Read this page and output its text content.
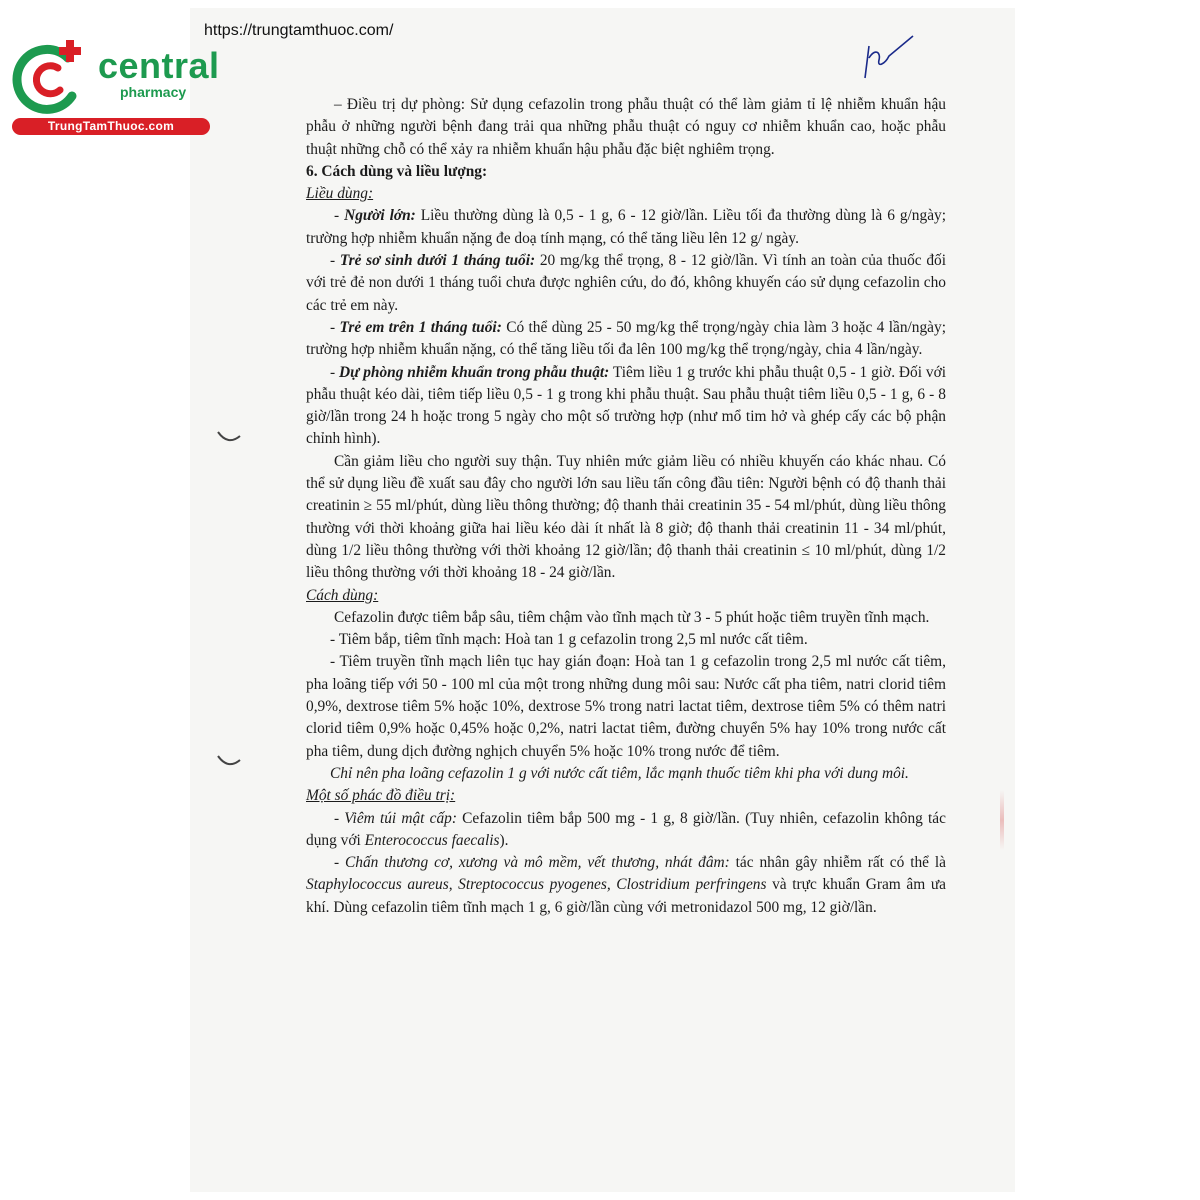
https://trungtamthuoc.com/
central
pharmacy
TrungTamThuoc.com

– Điều trị dự phòng: Sử dụng cefazolin trong phẫu thuật có thể làm giảm tỉ lệ nhiễm khuẩn hậu phẫu ở những người bệnh đang trải qua những phẫu thuật có nguy cơ nhiễm khuẩn cao, hoặc phẫu thuật những chỗ có thể xảy ra nhiễm khuẩn hậu phẫu đặc biệt nghiêm trọng.

6. Cách dùng và liều lượng:

Liều dùng:

- Người lớn: Liều thường dùng là 0,5 - 1 g, 6 - 12 giờ/lần. Liều tối đa thường dùng là 6 g/ngày; trường hợp nhiễm khuẩn nặng đe doạ tính mạng, có thể tăng liều lên 12 g/ ngày.

- Trẻ sơ sinh dưới 1 tháng tuổi: 20 mg/kg thể trọng, 8 - 12 giờ/lần. Vì tính an toàn của thuốc đối với trẻ đẻ non dưới 1 tháng tuổi chưa được nghiên cứu, do đó, không khuyến cáo sử dụng cefazolin cho các trẻ em này.

- Trẻ em trên 1 tháng tuổi: Có thể dùng 25 - 50 mg/kg thể trọng/ngày chia làm 3 hoặc 4 lần/ngày; trường hợp nhiễm khuẩn nặng, có thể tăng liều tối đa lên 100 mg/kg thể trọng/ngày, chia 4 lần/ngày.

- Dự phòng nhiễm khuẩn trong phẫu thuật: Tiêm liều 1 g trước khi phẫu thuật 0,5 - 1 giờ. Đối với phẫu thuật kéo dài, tiêm tiếp liều 0,5 - 1 g trong khi phẫu thuật. Sau phẫu thuật tiêm liều 0,5 - 1 g, 6 - 8 giờ/lần trong 24 h hoặc trong 5 ngày cho một số trường hợp (như mổ tim hở và ghép cấy các bộ phận chỉnh hình).

Cần giảm liều cho người suy thận. Tuy nhiên mức giảm liều có nhiều khuyến cáo khác nhau. Có thể sử dụng liều đề xuất sau đây cho người lớn sau liều tấn công đầu tiên: Người bệnh có độ thanh thải creatinin ≥ 55 ml/phút, dùng liều thông thường; độ thanh thải creatinin 35 - 54 ml/phút, dùng liều thông thường với thời khoảng giữa hai liều kéo dài ít nhất là 8 giờ; độ thanh thải creatinin 11 - 34 ml/phút, dùng 1/2 liều thông thường với thời khoảng 12 giờ/lần; độ thanh thải creatinin ≤ 10 ml/phút, dùng 1/2 liều thông thường với thời khoảng 18 - 24 giờ/lần.

Cách dùng:

Cefazolin được tiêm bắp sâu, tiêm chậm vào tĩnh mạch từ 3 - 5 phút hoặc tiêm truyền tĩnh mạch.

- Tiêm bắp, tiêm tĩnh mạch: Hoà tan 1 g cefazolin trong 2,5 ml nước cất tiêm.

- Tiêm truyền tĩnh mạch liên tục hay gián đoạn: Hoà tan 1 g cefazolin trong 2,5 ml nước cất tiêm, pha loãng tiếp với 50 - 100 ml của một trong những dung môi sau: Nước cất pha tiêm, natri clorid tiêm 0,9%, dextrose tiêm 5% hoặc 10%, dextrose 5% trong natri lactat tiêm, dextrose tiêm 5% có thêm natri clorid tiêm 0,9% hoặc 0,45% hoặc 0,2%, natri lactat tiêm, đường chuyển 5% hay 10% trong nước cất pha tiêm, dung dịch đường nghịch chuyển 5% hoặc 10% trong nước để tiêm.

Chỉ nên pha loãng cefazolin 1 g với nước cất tiêm, lắc mạnh thuốc tiêm khi pha với dung môi.

Một số phác đồ điều trị:

- Viêm túi mật cấp: Cefazolin tiêm bắp 500 mg - 1 g, 8 giờ/lần. (Tuy nhiên, cefazolin không tác dụng với Enterococcus faecalis).

- Chấn thương cơ, xương và mô mềm, vết thương, nhát đâm: tác nhân gây nhiễm rất có thể là Staphylococcus aureus, Streptococcus pyogenes, Clostridium perfringens và trực khuẩn Gram âm ưa khí. Dùng cefazolin tiêm tĩnh mạch 1 g, 6 giờ/lần cùng với metronidazol 500 mg, 12 giờ/lần.
